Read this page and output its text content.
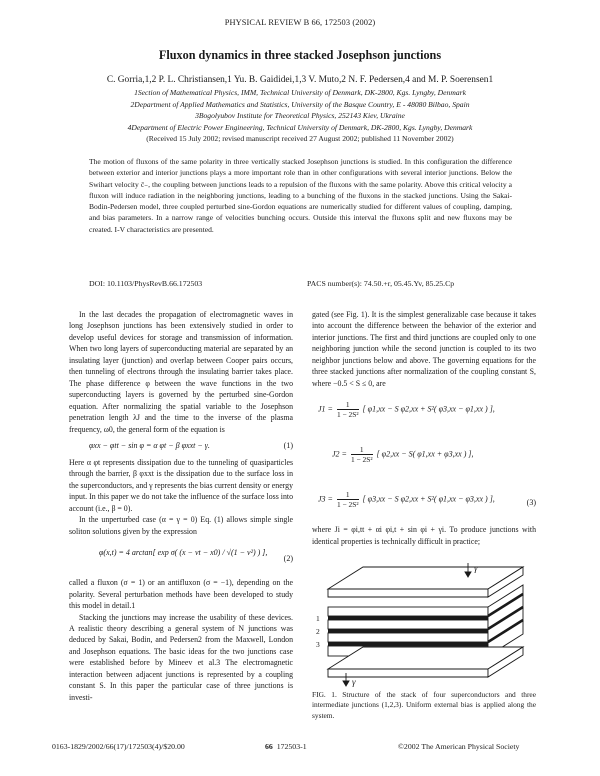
PHYSICAL REVIEW B 66, 172503 (2002)
Fluxon dynamics in three stacked Josephson junctions
C. Gorria,1,2 P. L. Christiansen,1 Yu. B. Gaididei,1,3 V. Muto,2 N. F. Pedersen,4 and M. P. Soerensen1
1Section of Mathematical Physics, IMM, Technical University of Denmark, DK-2800, Kgs. Lyngby, Denmark
2Department of Applied Mathematics and Statistics, University of the Basque Country, E - 48080 Bilbao, Spain
3Bogolyubov Institute for Theoretical Physics, 252143 Kiev, Ukraine
4Department of Electric Power Engineering, Technical University of Denmark, DK-2800, Kgs. Lyngby, Denmark
(Received 15 July 2002; revised manuscript received 27 August 2002; published 11 November 2002)
The motion of fluxons of the same polarity in three vertically stacked Josephson junctions is studied. In this configuration the difference between exterior and interior junctions plays a more important role than in other configurations with several interior junctions. Below the Swihart velocity c̄₋, the coupling between junctions leads to a repulsion of the fluxons with the same polarity. Above this critical velocity a fluxon will induce radiation in the neighboring junctions, leading to a bunching of the fluxons in the stacked junctions. Using the Sakai-Bodin-Pedersen model, three coupled perturbed sine-Gordon equations are numerically studied for different values of coupling, damping, and bias parameters. In a narrow range of velocities bunching occurs. Outside this interval the fluxons split and new fluxons may be created. I-V characteristics are presented.
DOI: 10.1103/PhysRevB.66.172503	PACS number(s): 74.50.+r, 05.45.Yv, 85.25.Cp

In the last decades the propagation of electromagnetic waves in long Josephson junctions has been extensively studied in order to develop useful devices for storage and transmission of information. When two long layers of superconducting material are separated by an insulating layer (junction) and overlap between Cooper pairs occurs, then tunneling of electrons through the insulating barrier takes place. The phase difference φ between the wave functions in the two superconducting layers is governed by the perturbed sine-Gordon equation. After normalizing the spatial variable to the Josephson penetration length λJ and the time to the inverse of the plasma frequency, ω0, the general form of the equation is

φxx − φtt − sin φ = α φt − β φxxt − γ.	(1)

Here α φt represents dissipation due to the tunneling of quasiparticles through the barrier, β φxxt is the dissipation due to the surface loss in the superconductors, and γ represents the bias current density or energy input. In this paper we do not take the influence of the surface loss into account (i.e., β = 0).

In the unperturbed case (α = γ = 0) Eq. (1) allows simple single soliton solutions given by the expression

φ(x,t) = 4 arctan[ exp σ( (x − vt − x0) / √(1 − v²) ) ],
(2)

called a fluxon (σ = 1) or an antifluxon (σ = −1), depending on the polarity. Several perturbation methods have been developed to study this model in detail.1

Stacking the junctions may increase the usability of these devices. A realistic theory describing a general system of N junctions was deduced by Sakai, Bodin, and Pedersen2 from the Maxwell, London and Josephson equations. The basic ideas for the two junctions case were established before by Mineev et al.3 The electromagnetic interaction between adjacent junctions is represented by a coupling constant S. In this paper the particular case of three junctions is investi-

gated (see Fig. 1). It is the simplest generalizable case because it takes into account the difference between the behavior of the exterior and interior junctions. The first and third junctions are coupled only to one neighboring junction while the second junction is coupled to its two neighbor junctions below and above. The governing equations for the three stacked junctions after normalization of the coupling constant S, where −0.5 < S ≤ 0, are

$J1 = \frac{1}{\text{1 − 2S²}}$ [ φ1,xx − S φ2,xx + S²( φ3,xx − φ1,xx ) ],
$J2 = \frac{1}{\text{1 − 2S²}}$ [ φ2,xx − S( φ1,xx + φ3,xx ) ],
$J3 = \frac{1}{\text{1 − 2S²}}$ [ φ3,xx − S φ2,xx + S²( φ1,xx − φ3,xx ) ],	(3)

where Ji = φi,tt + αi φi,t + sin φi + γi. To produce junctions with identical properties is technically difficult in practice;

γ
γ
1
2
3
FIG. 1. Structure of the stack of four superconductors and three intermediate junctions (1,2,3). Uniform external bias is applied along the system.
0163-1829/2002/66(17)/172503(4)/$20.00	66 172503-1	©2002 The American Physical Society
